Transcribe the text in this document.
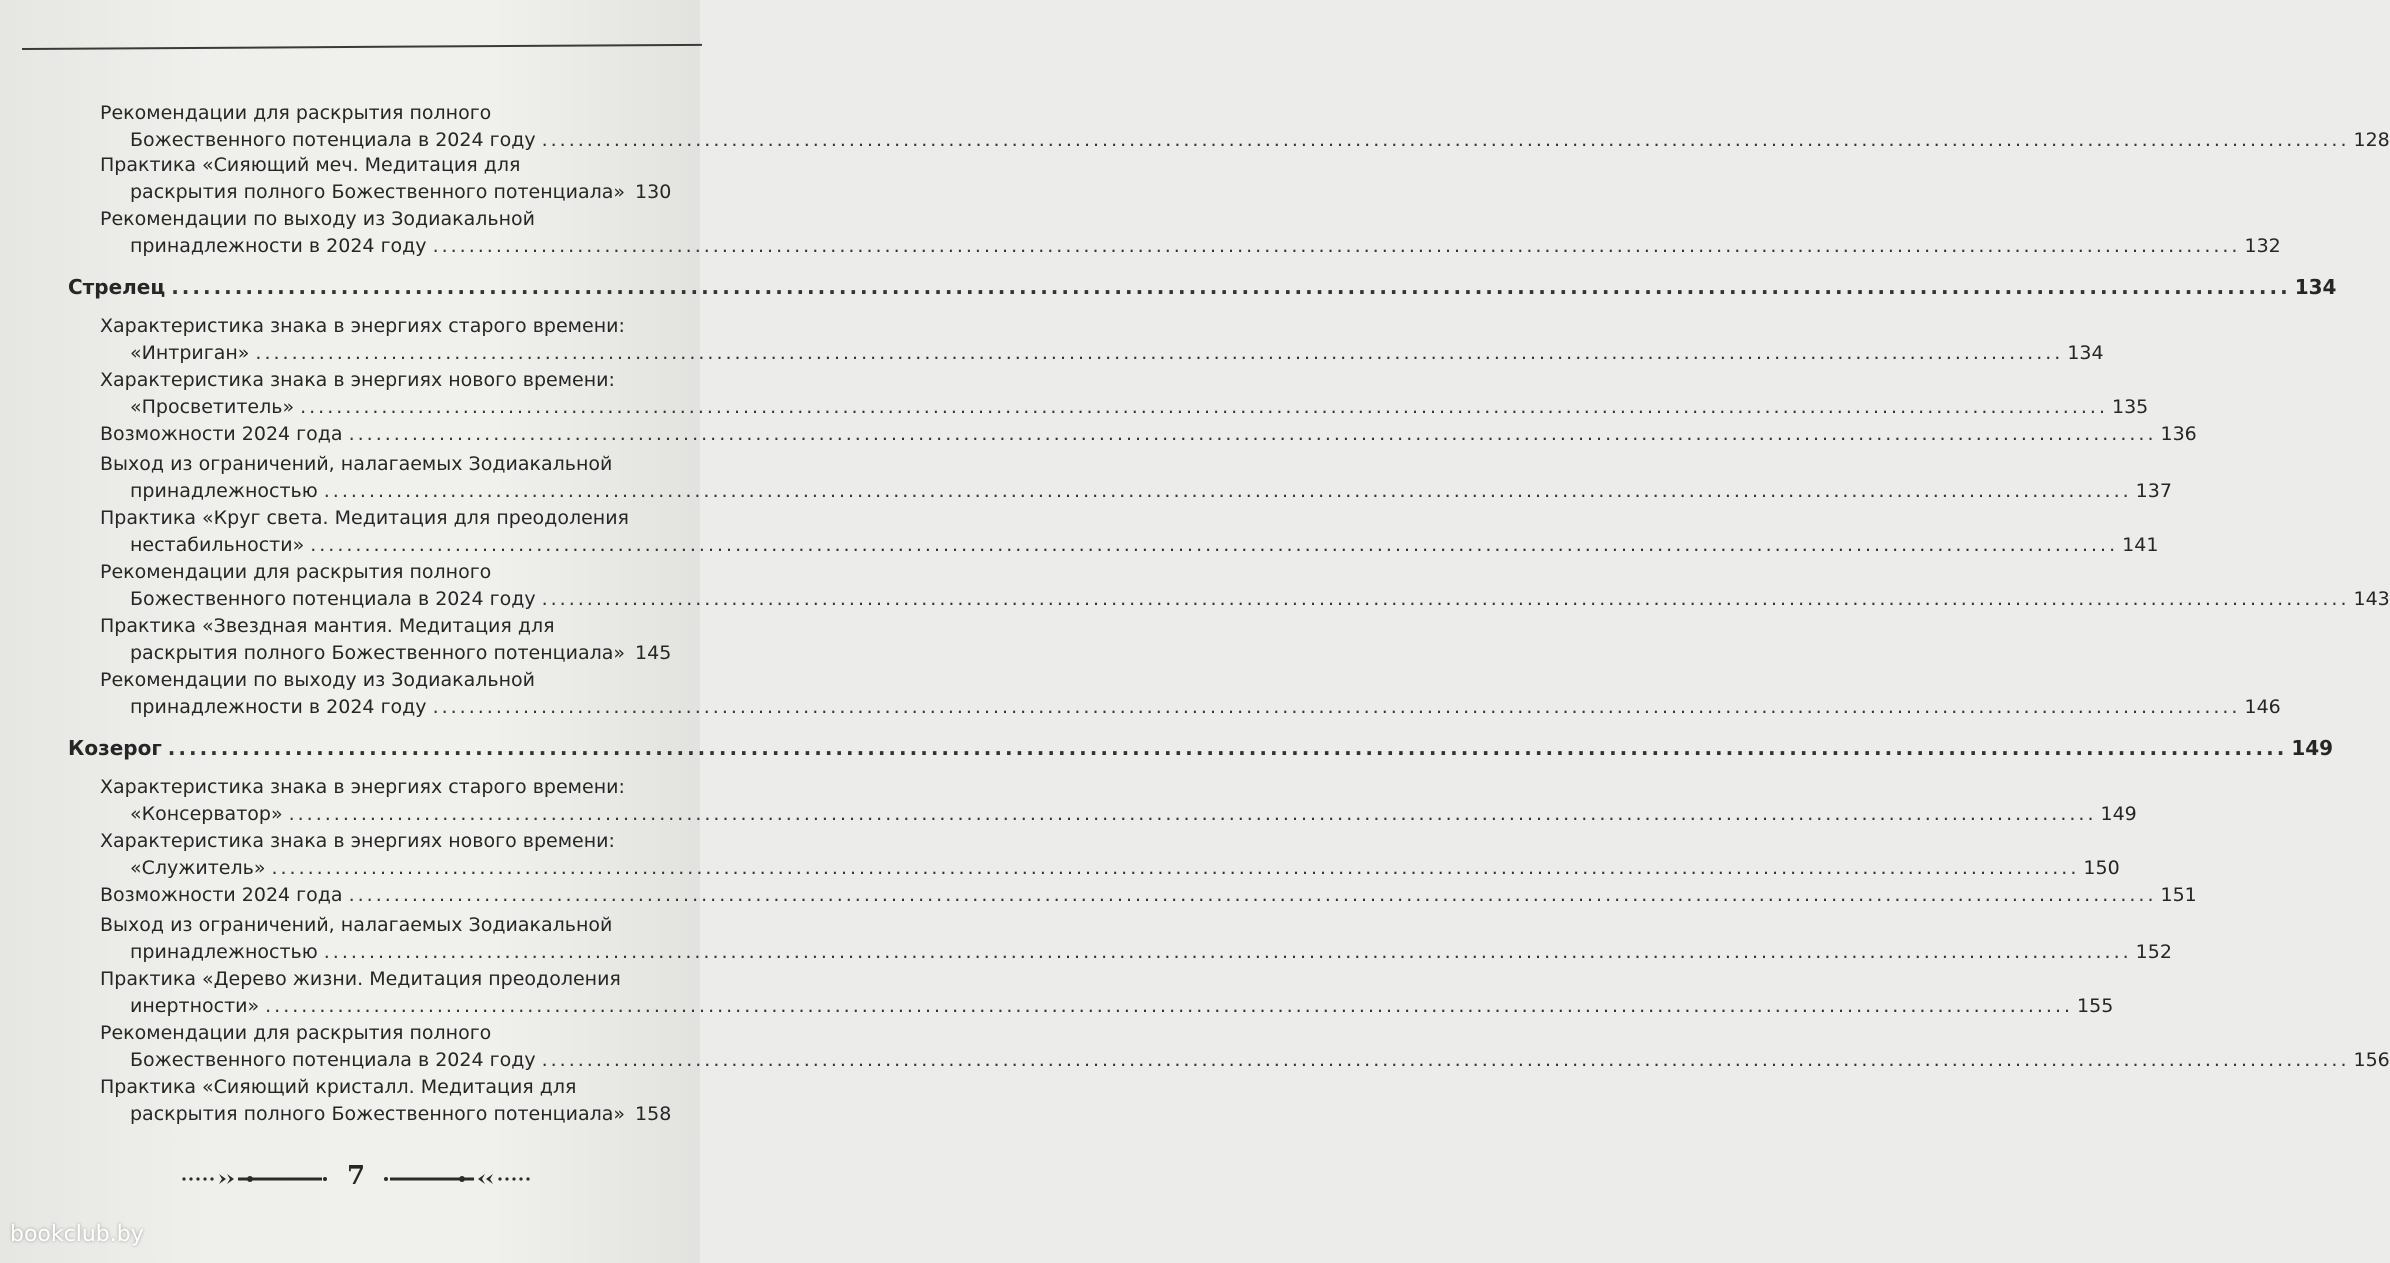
Рекомендации для раскрытия полного
Божественного потенциала в 2024 году ........................................................................................................................................................................................................ 128
Практика «Сияющий меч. Медитация для
раскрытия полного Божественного потенциала» 130
Рекомендации по выходу из Зодиакальной
принадлежности в 2024 году ........................................................................................................................................................................................................ 132
Стрелец ........................................................................................................................................................................................................ 134
Характеристика знака в энергиях старого времени:
«Интриган» ........................................................................................................................................................................................................ 134
Характеристика знака в энергиях нового времени:
«Просветитель» ........................................................................................................................................................................................................ 135
Возможности 2024 года ........................................................................................................................................................................................................ 136
Выход из ограничений, налагаемых Зодиакальной
принадлежностью ........................................................................................................................................................................................................ 137
Практика «Круг света. Медитация для преодоления
нестабильности» ........................................................................................................................................................................................................ 141
Рекомендации для раскрытия полного
Божественного потенциала в 2024 году ........................................................................................................................................................................................................ 143
Практика «Звездная мантия. Медитация для
раскрытия полного Божественного потенциала» 145
Рекомендации по выходу из Зодиакальной
принадлежности в 2024 году ........................................................................................................................................................................................................ 146
Козерог ........................................................................................................................................................................................................ 149
Характеристика знака в энергиях старого времени:
«Консерватор» ........................................................................................................................................................................................................ 149
Характеристика знака в энергиях нового времени:
«Служитель» ........................................................................................................................................................................................................ 150
Возможности 2024 года ........................................................................................................................................................................................................ 151
Выход из ограничений, налагаемых Зодиакальной
принадлежностью ........................................................................................................................................................................................................ 152
Практика «Дерево жизни. Медитация преодоления
инертности» ........................................................................................................................................................................................................ 155
Рекомендации для раскрытия полного
Божественного потенциала в 2024 году ........................................................................................................................................................................................................ 156
Практика «Сияющий кристалл. Медитация для
раскрытия полного Божественного потенциала» 158
7
bookclub.by
